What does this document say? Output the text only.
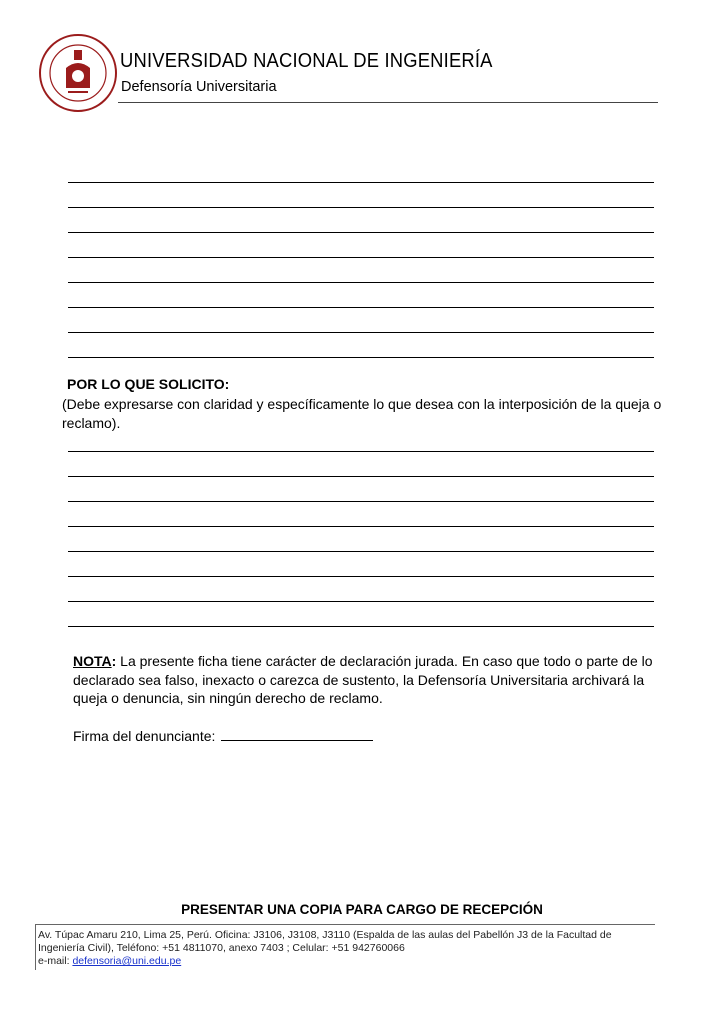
UNIVERSIDAD NACIONAL DE INGENIERÍA
Defensoría Universitaria
POR LO QUE SOLICITO:
(Debe expresarse con claridad y específicamente lo que desea con la interposición de la queja o reclamo).
NOTA: La presente ficha tiene carácter de declaración jurada. En caso que todo o parte de lo declarado sea falso, inexacto o carezca de sustento, la Defensoría Universitaria archivará la queja o denuncia, sin ningún derecho de reclamo.
Firma del denunciante:
PRESENTAR UNA COPIA PARA CARGO DE RECEPCIÓN
Av. Túpac Amaru 210, Lima 25, Perú. Oficina: J3106, J3108, J3110 (Espalda de las aulas del Pabellón J3 de la Facultad de Ingeniería Civil), Teléfono: +51 4811070, anexo 7403 ; Celular: +51 942760066
e-mail: defensoria@uni.edu.pe
